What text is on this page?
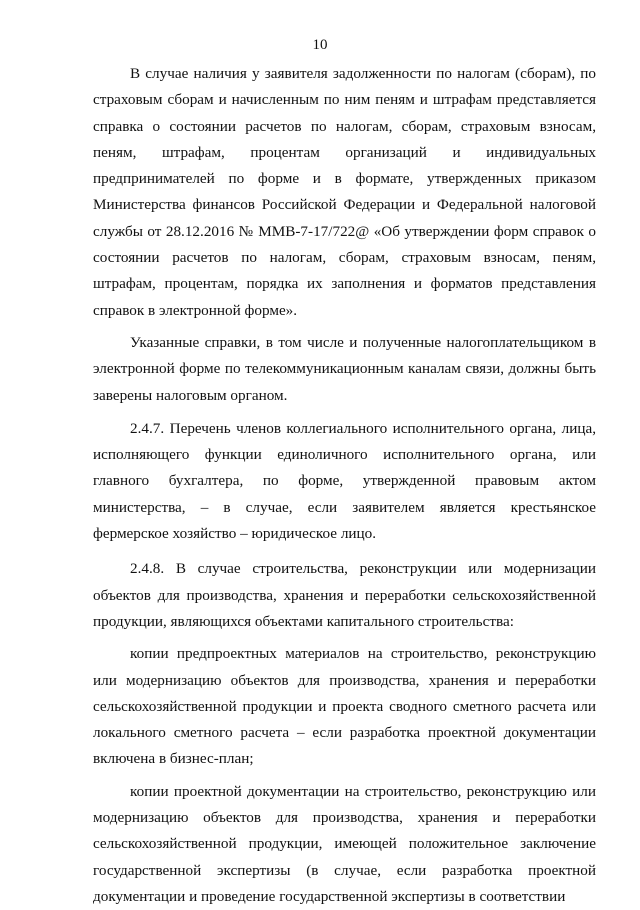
10

В случае наличия у заявителя задолженности по налогам (сборам), по страховым сборам и начисленным по ним пеням и штрафам представляется справка о состоянии расчетов по налогам, сборам, страховым взносам, пеням, штрафам, процентам организаций и индивидуальных предпринимателей по форме и в формате, утвержденных приказом Министерства финансов Российской Федерации и Федеральной налоговой службы от 28.12.2016 № ММВ-7-17/722@ «Об утверждении форм справок о состоянии расчетов по налогам, сборам, страховым взносам, пеням, штрафам, процентам, порядка их заполнения и форматов представления справок в электронной форме».

Указанные справки, в том числе и полученные налогоплательщиком в электронной форме по телекоммуникационным каналам связи, должны быть заверены налоговым органом.

2.4.7. Перечень членов коллегиального исполнительного органа, лица, исполняющего функции единоличного исполнительного органа, или главного бухгалтера, по форме, утвержденной правовым актом министерства, – в случае, если заявителем является крестьянское фермерское хозяйство – юридическое лицо.

2.4.8. В случае строительства, реконструкции или модернизации объектов для производства, хранения и переработки сельскохозяйственной продукции, являющихся объектами капитального строительства:

копии предпроектных материалов на строительство, реконструкцию или модернизацию объектов для производства, хранения и переработки сельскохозяйственной продукции и проекта сводного сметного расчета или локального сметного расчета – если разработка проектной документации включена в бизнес-план;

копии проектной документации на строительство, реконструкцию или модернизацию объектов для производства, хранения и переработки сельскохозяйственной продукции, имеющей положительное заключение государственной экспертизы (в случае, если разработка проектной документации и проведение государственной экспертизы в соответствии
